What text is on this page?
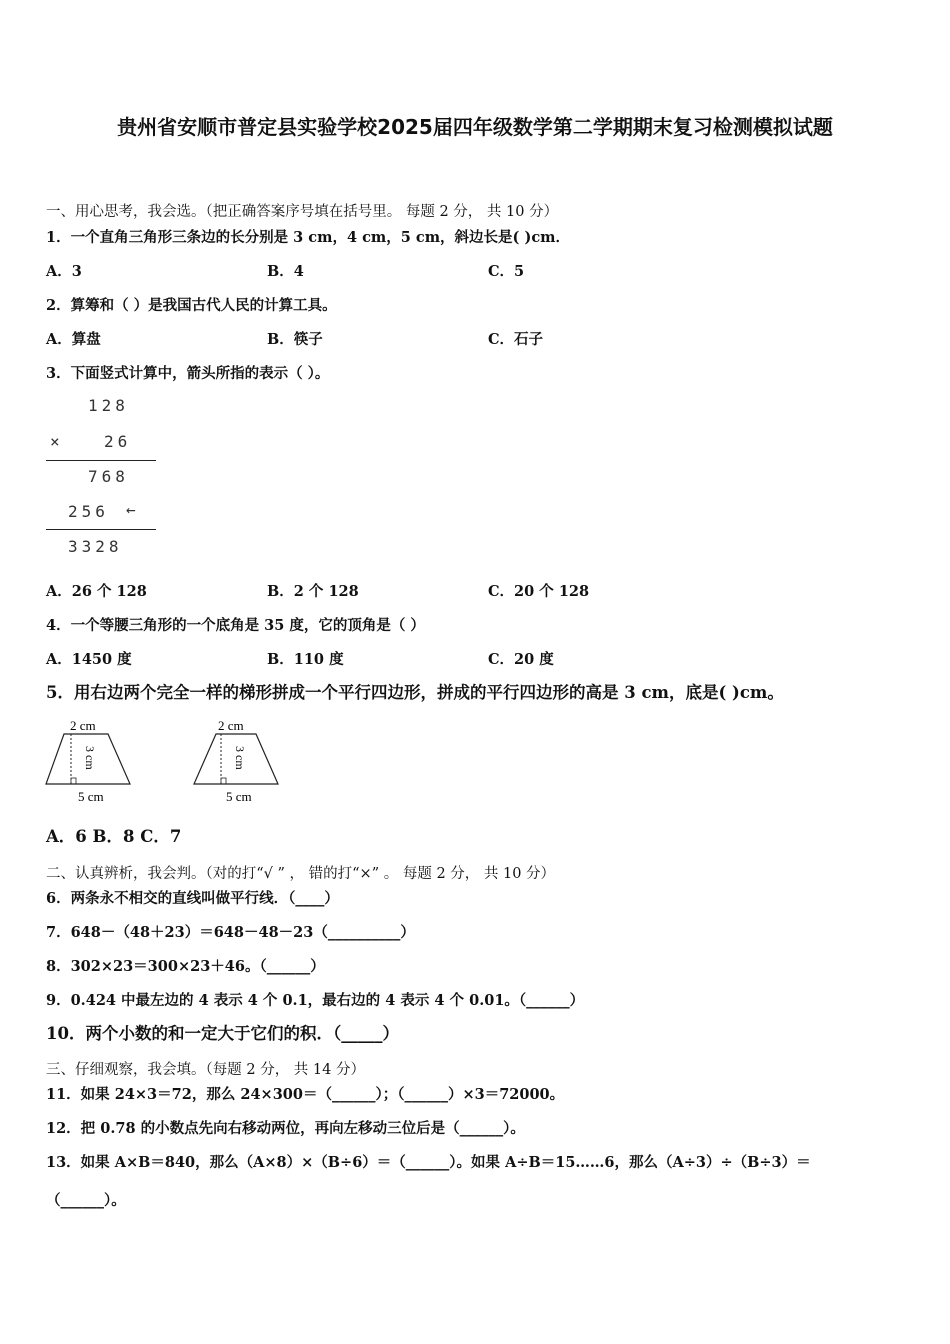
贵州省安顺市普定县实验学校2025届四年级数学第二学期期末复习检测模拟试题
一、用心思考，我会选。（把正确答案序号填在括号里。 每题 2 分， 共 10 分）
1．一个直角三角形三条边的长分别是 3 cm，4 cm，5 cm，斜边长是( )cm．
A．3	B．4	C．5
2．算筹和（ ）是我国古代人民的计算工具。
A．算盘	B．筷子	C．石子
3．下面竖式计算中，箭头所指的表示（ ）。
128
×	26
768
256 ←
3328
A．26 个 128	B．2 个 128	C．20 个 128
4．一个等腰三角形的一个底角是 35 度，它的顶角是（ ）
A．1450 度	B．110 度	C．20 度
5．用右边两个完全一样的梯形拼成一个平行四边形，拼成的平行四边形的高是 3 cm，底是( )cm。
2 cm
3 cm
5 cm
2 cm
3 cm
5 cm
A．6 B．8 C．7
二、认真辨析，我会判。（对的打“√ ” ， 错的打“×” 。 每题 2 分， 共 10 分）
6．两条永不相交的直线叫做平行线．（____）
7．648－（48＋23）＝648－48－23（__________）
8．302×23＝300×23＋46。（______）
9．0.424 中最左边的 4 表示 4 个 0.1，最右边的 4 表示 4 个 0.01。（______）
10．两个小数的和一定大于它们的积．（_____）
三、仔细观察，我会填。（每题 2 分， 共 14 分）
11．如果 24×3＝72，那么 24×300＝（______）；（______）×3＝72000。
12．把 0.78 的小数点先向右移动两位，再向左移动三位后是（______）。
13．如果 A×B＝840，那么（A×8）×（B÷6）＝（______）。如果 A÷B＝15……6，那么（A÷3）÷（B÷3）＝
（______）。
